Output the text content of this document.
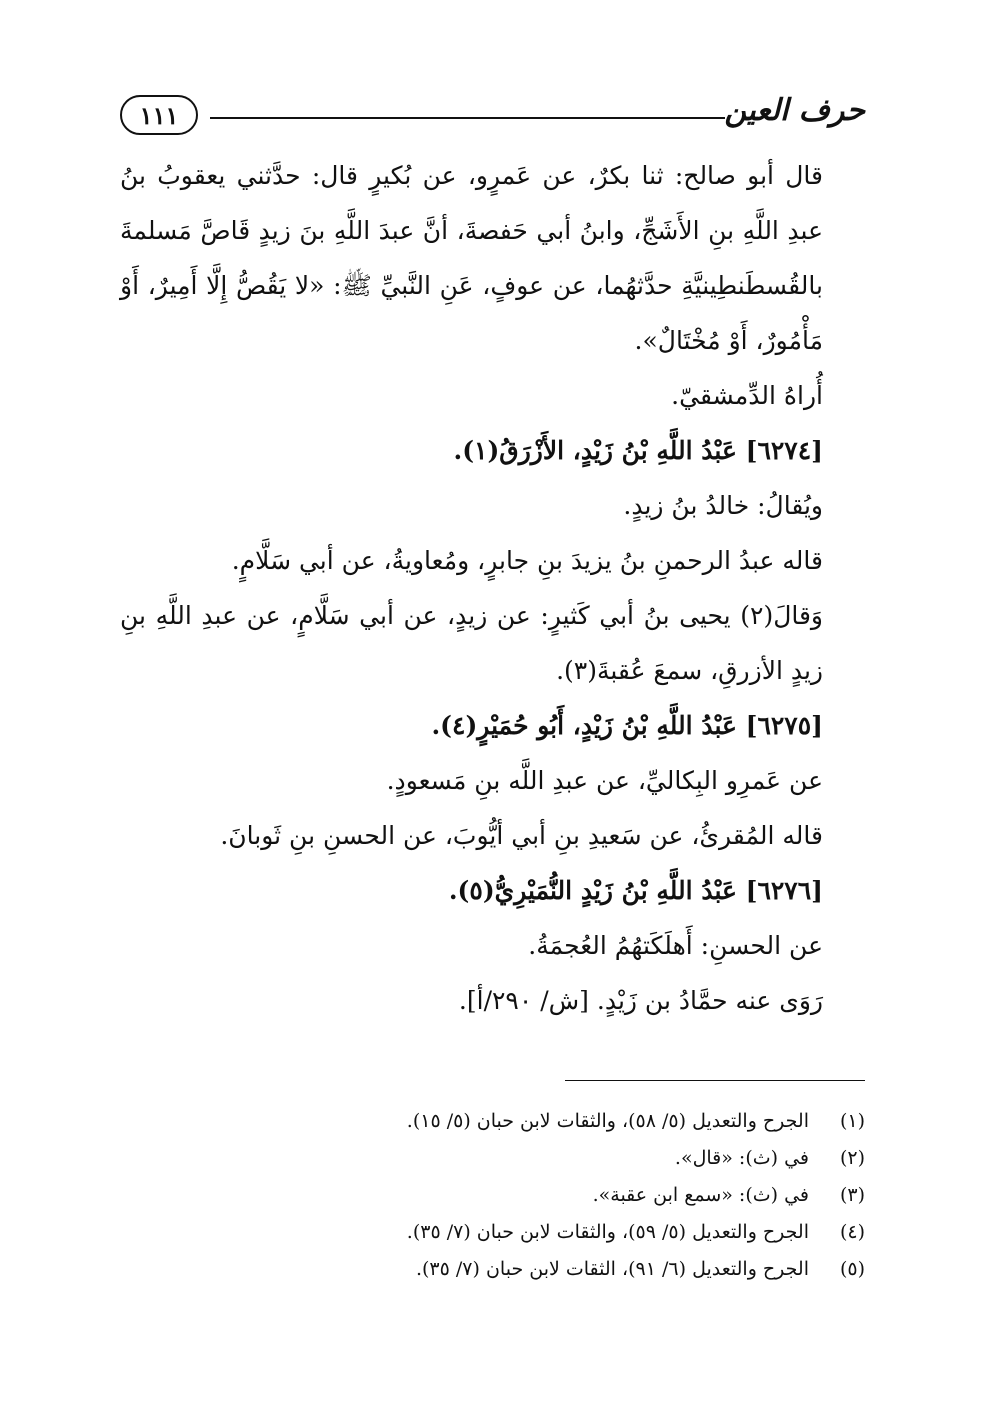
حرف العين
١١١

قال أبو صالح: ثنا بكرٌ، عن عَمرٍو، عن بُكيرٍ قال: حدَّثني يعقوبُ بنُ عبدِ اللَّهِ بنِ الأَشَجِّ، وابنُ أبي حَفصةَ، أنَّ عبدَ اللَّهِ بنَ زيدٍ قَاصَّ مَسلمةَ بالقُسطَنطِينيَّةِ حدَّثهُما، عن عوفٍ، عَنِ النَّبيِّ ﷺ: «لا يَقُصُّ إِلَّا أَمِيرٌ، أَوْ مَأْمُورٌ، أَوْ مُخْتَالٌ».

أُراهُ الدِّمشقيّ.

[٦٢٧٤] عَبْدُ اللَّهِ بْنُ زَيْدٍ، الأَزْرَقُ(١).

ويُقالُ: خالدُ بنُ زيدٍ.

قاله عبدُ الرحمنِ بنُ يزيدَ بنِ جابرٍ، ومُعاويةُ، عن أبي سَلَّامٍ.

وَقالَ(٢) يحيى بنُ أبي كَثيرٍ: عن زيدٍ، عن أبي سَلَّامٍ، عن عبدِ اللَّهِ بنِ زيدٍ الأزرقِ، سمعَ عُقبةَ(٣).

[٦٢٧٥] عَبْدُ اللَّهِ بْنُ زَيْدٍ، أَبُو حُمَيْرٍ(٤).

عن عَمرِو البِكاليِّ، عن عبدِ اللَّه بنِ مَسعودٍ.

قاله المُقرئُ، عن سَعيدِ بنِ أبي أيُّوبَ، عن الحسنِ بنِ ثَوبانَ.

[٦٢٧٦] عَبْدُ اللَّهِ بْنُ زَيْدٍ النُّمَيْرِيُّ(٥).

عن الحسنِ: أَهلَكَتهُمُ العُجمَةُ.

رَوَى عنه حمَّادُ بن زَيْدٍ. [ش/ ٢٩٠/أ].

(١)
الجرح والتعديل (٥/ ٥٨)، والثقات لابن حبان (٥/ ١٥).
(٢)
في (ث): «قال».
(٣)
في (ث): «سمع ابن عقبة».
(٤)
الجرح والتعديل (٥/ ٥٩)، والثقات لابن حبان (٧/ ٣٥).
(٥)
الجرح والتعديل (٦/ ٩١)، الثقات لابن حبان (٧/ ٣٥).
